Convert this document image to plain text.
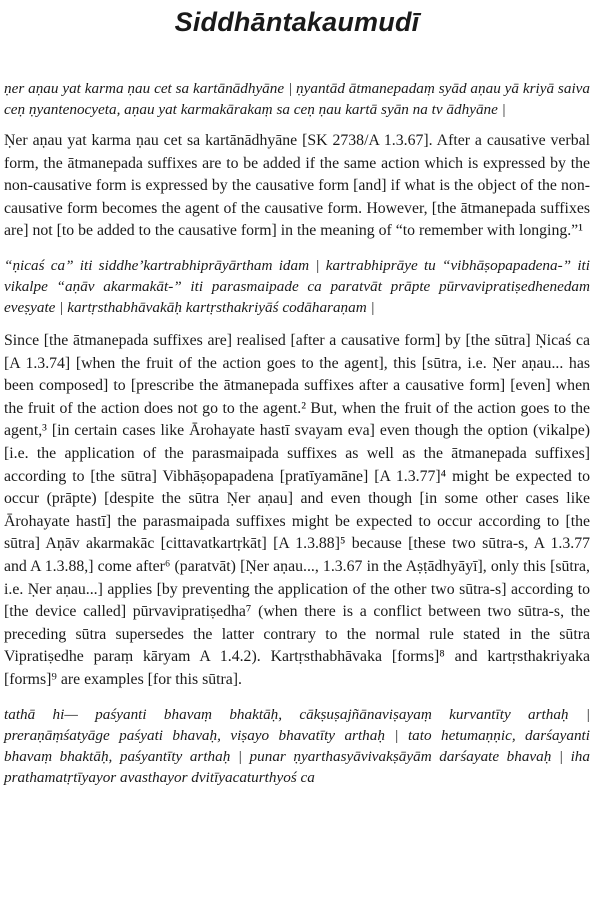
Siddhāntakaumudī

ṇer aṇau yat karma ṇau cet sa kartānādhyāne | ṇyantād ātmanepadaṃ syād aṇau yā kriyā saiva ceṇ ṇyantenocyeta, aṇau yat karmakārakaṃ sa ceṇ ṇau kartā syān na tv ādhyāne |

Ṇer aṇau yat karma ṇau cet sa kartānādhyāne [SK 2738/A 1.3.67]. After a causative verbal form, the ātmanepada suffixes are to be added if the same action which is expressed by the non-causative form is expressed by the causative form [and] if what is the object of the non-causative form becomes the agent of the causative form. However, [the ātmanepada suffixes are] not [to be added to the causative form] in the meaning of “to remember with longing.”¹

“ṇicaś ca” iti siddhe’kartrabhiprāyārtham idam | kartrabhiprāye tu “vibhāṣopapadena-” iti vikalpe “aṇāv akarmakāt-” iti parasmaipade ca paratvāt prāpte pūrvavipratiṣedhenedam eveṣyate | kartṛsthabhāvakāḥ kartṛsthakriyāś codāharaṇam |

Since [the ātmanepada suffixes are] realised [after a causative form] by [the sūtra] Ṇicaś ca [A 1.3.74] [when the fruit of the action goes to the agent], this [sūtra, i.e. Ṇer aṇau... has been composed] to [prescribe the ātmanepada suffixes after a causative form] [even] when the fruit of the action does not go to the agent.² But, when the fruit of the action goes to the agent,³ [in certain cases like Ārohayate hastī svayam eva] even though the option (vikalpe) [i.e. the application of the parasmaipada suffixes as well as the ātmanepada suffixes] according to [the sūtra] Vibhāṣopapadena [pratīyamāne] [A 1.3.77]⁴ might be expected to occur (prāpte) [despite the sūtra Ṇer aṇau] and even though [in some other cases like Ārohayate hastī] the parasmaipada suffixes might be expected to occur according to [the sūtra] Aṇāv akarmakāc [cittavatkartṛkāt] [A 1.3.88]⁵ because [these two sūtra-s, A 1.3.77 and A 1.3.88,] come after⁶ (paratvāt) [Ṇer aṇau..., 1.3.67 in the Aṣṭādhyāyī], only this [sūtra, i.e. Ṇer aṇau...] applies [by preventing the application of the other two sūtra-s] according to [the device called] pūrvavipratiṣedha⁷ (when there is a conflict between two sūtra-s, the preceding sūtra supersedes the latter contrary to the normal rule stated in the sūtra Vipratiṣedhe paraṃ kāryam A 1.4.2). Kartṛsthabhāvaka [forms]⁸ and kartṛsthakriyaka [forms]⁹ are examples [for this sūtra].

tathā hi— paśyanti bhavaṃ bhaktāḥ, cākṣuṣajñānaviṣayaṃ kurvantīty arthaḥ | preraṇāṃśatyāge paśyati bhavaḥ, viṣayo bhavatīty arthaḥ | tato hetumaṇṇic, darśayanti bhavaṃ bhaktāḥ, paśyantīty arthaḥ | punar ṇyarthasyāvivakṣāyām darśayate bhavaḥ | iha prathamatṛtīyayor avasthayor dvitīyacaturthyoś ca
